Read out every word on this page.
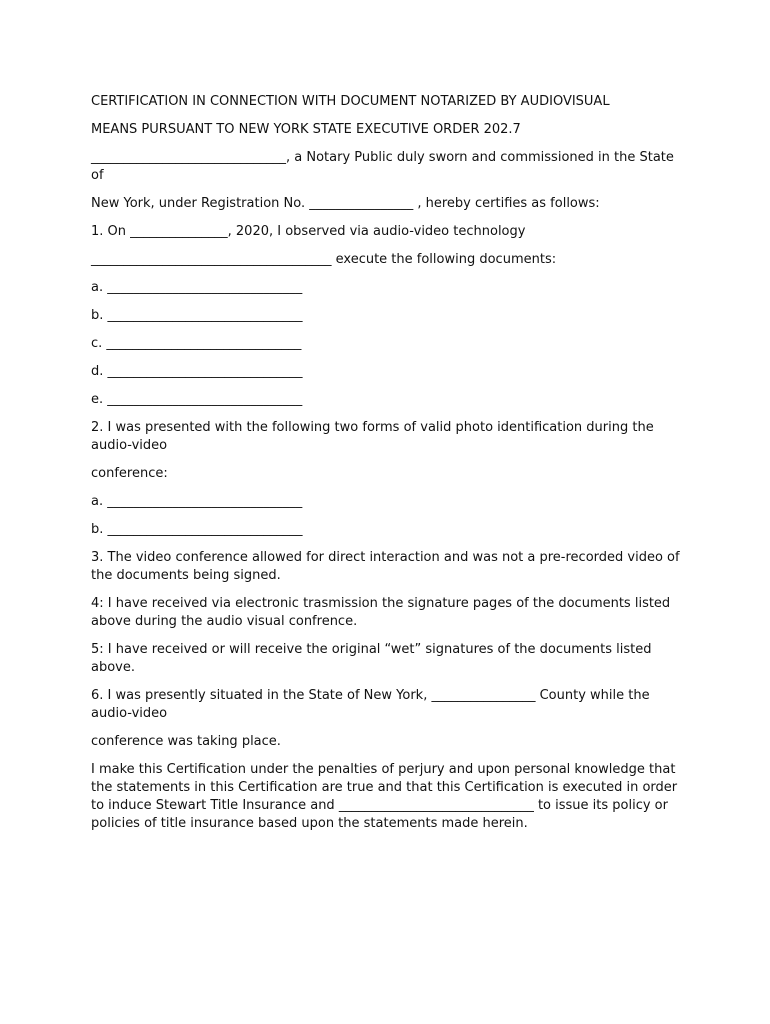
CERTIFICATION IN CONNECTION WITH DOCUMENT NOTARIZED BY AUDIOVISUAL

MEANS PURSUANT TO NEW YORK STATE EXECUTIVE ORDER 202.7

______________________________, a Notary Public duly sworn and commissioned in the State of

New York, under Registration No. ________________ , hereby certifies as follows:

1. On _______________, 2020, I observed via audio-video technology

_____________________________________ execute the following documents:

a. ______________________________

b. ______________________________

c. ______________________________

d. ______________________________

e. ______________________________

2. I was presented with the following two forms of valid photo identification during the audio-video

conference:

a. ______________________________

b. ______________________________

3. The video conference allowed for direct interaction and was not a pre-recorded video of the documents being signed.

4: I have received via electronic trasmission the signature pages of the documents listed above during the audio visual confrence.

5: I have received or will receive the original “wet” signatures of the documents listed above.

6. I was presently situated in the State of New York, ________________ County while the audio-video

conference was taking place.

I make this Certification under the penalties of perjury and upon personal knowledge that the statements in this Certification are true and that this Certification is executed in order to induce Stewart Title Insurance and ______________________________ to issue its policy or policies of title insurance based upon the statements made herein.
